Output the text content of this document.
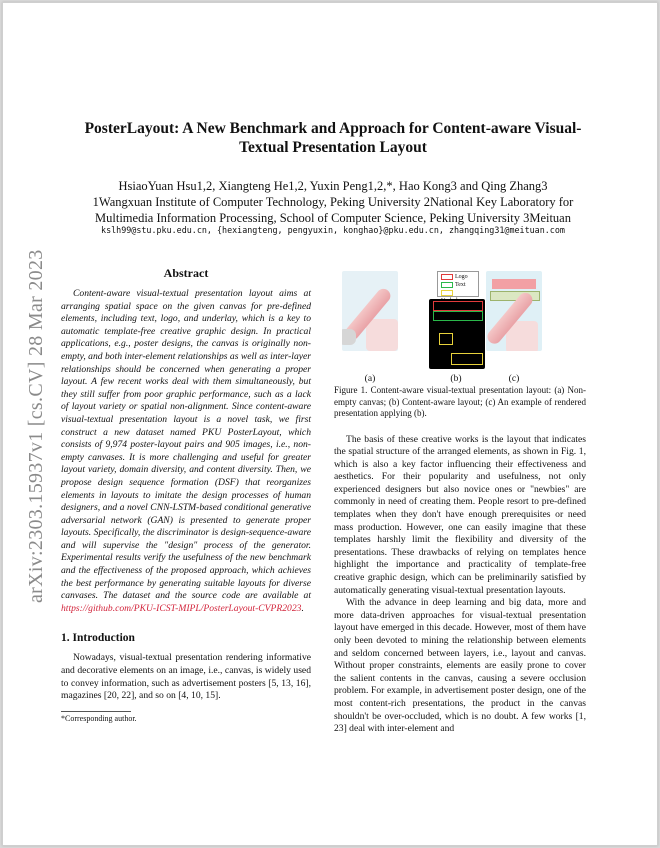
arXiv:2303.15937v1 [cs.CV] 28 Mar 2023
PosterLayout: A New Benchmark and Approach for Content-aware Visual-Textual Presentation Layout
HsiaoYuan Hsu1,2, Xiangteng He1,2, Yuxin Peng1,2,*, Hao Kong3 and Qing Zhang3
1Wangxuan Institute of Computer Technology, Peking University 2National Key Laboratory for Multimedia Information Processing, School of Computer Science, Peking University 3Meituan
kslh99@stu.pku.edu.cn, {hexiangteng, pengyuxin, konghao}@pku.edu.cn, zhangqing31@meituan.com
Abstract

Content-aware visual-textual presentation layout aims at arranging spatial space on the given canvas for pre-defined elements, including text, logo, and underlay, which is a key to automatic template-free creative graphic design. In practical applications, e.g., poster designs, the canvas is originally non-empty, and both inter-element relationships as well as inter-layer relationships should be concerned when generating a proper layout. A few recent works deal with them simultaneously, but they still suffer from poor graphic performance, such as a lack of layout variety or spatial non-alignment. Since content-aware visual-textual presentation layout is a novel task, we first construct a new dataset named PKU PosterLayout, which consists of 9,974 poster-layout pairs and 905 images, i.e., non-empty canvases. It is more challenging and useful for greater layout variety, domain diversity, and content diversity. Then, we propose design sequence formation (DSF) that reorganizes elements in layouts to imitate the design processes of human designers, and a novel CNN-LSTM-based conditional generative adversarial network (GAN) is presented to generate proper layouts. Specifically, the discriminator is design-sequence-aware and will supervise the "design" process of the generator. Experimental results verify the usefulness of the new benchmark and the effectiveness of the proposed approach, which achieves the best performance by generating suitable layouts for diverse canvases. The dataset and the source code are available at https://github.com/PKU-ICST-MIPL/PosterLayout-CVPR2023.

1. Introduction

Nowadays, visual-textual presentation rendering informative and decorative elements on an image, i.e., canvas, is widely used to convey information, such as advertisement posters [5, 13, 16], magazines [20, 22], and so on [4, 10, 15].

*Corresponding author.
Logo
Text
(a)	(b)	(c)
Figure 1. Content-aware visual-textual presentation layout: (a) Non-empty canvas; (b) Content-aware layout; (c) An example of rendered presentation applying (b).

The basis of these creative works is the layout that indicates the spatial structure of the arranged elements, as shown in Fig. 1, which is also a key factor influencing their effectiveness and aesthetics. For their popularity and usefulness, not only experienced designers but also novice ones or "newbies" are commonly in need of creating them. People resort to pre-defined templates when they don't have enough prerequisites or need mass production. However, one can easily imagine that these templates harshly limit the flexibility and diversity of the presentations. These drawbacks of relying on templates hence highlight the importance and practicality of template-free creative graphic design, which can be preliminarily satisfied by automatically generating visual-textual presentation layouts.

With the advance in deep learning and big data, more and more data-driven approaches for visual-textual presentation layout have emerged in this decade. However, most of them have only been devoted to mining the relationship between elements and seldom concerned between layers, i.e., layout and canvas. Without proper constraints, elements are easily prone to cover the salient contents in the canvas, causing a severe occlusion problem. For example, in advertisement poster design, one of the most content-rich presentations, the product in the canvas shouldn't be over-occluded, which is no doubt. A few works [1, 23] deal with inter-element and
